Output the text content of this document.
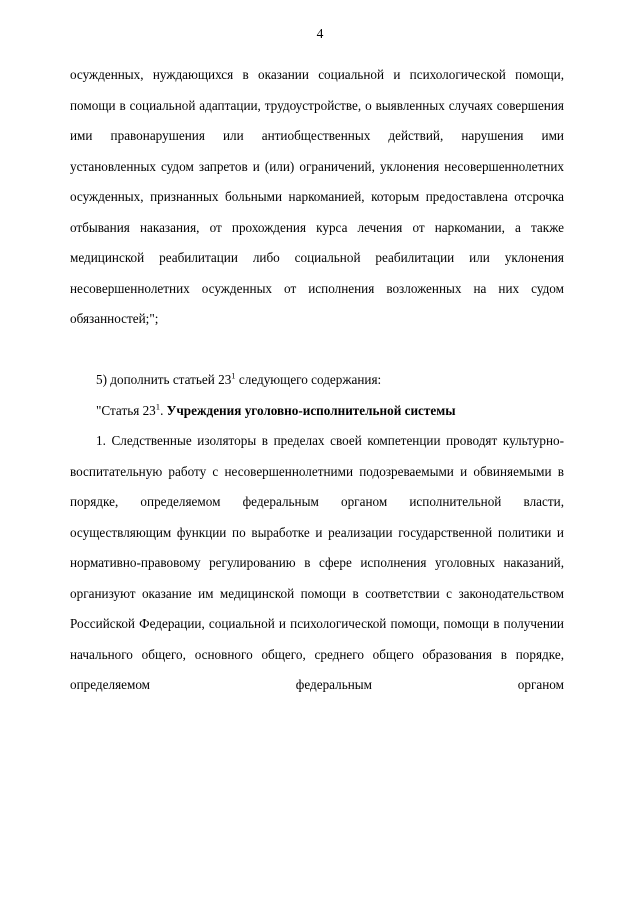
4

осужденных, нуждающихся в оказании социальной и психологической помощи, помощи в социальной адаптации, трудоустройстве, о выявленных случаях совершения ими правонарушения или антиобщественных действий, нарушения ими установленных судом запретов и (или) ограничений, уклонения несовершеннолетних осужденных, признанных больными наркоманией, которым предоставлена отсрочка отбывания наказания, от прохождения курса лечения от наркомании, а также медицинской реабилитации либо социальной реабилитации или уклонения несовершеннолетних осужденных от исполнения возложенных на них судом обязанностей;";

5) дополнить статьей $23^1$ следующего содержания:

"Статья $23^1$. Учреждения уголовно-исполнительной системы

1. Следственные изоляторы в пределах своей компетенции проводят культурно-воспитательную работу с несовершеннолетними подозреваемыми и обвиняемыми в порядке, определяемом федеральным органом исполнительной власти, осуществляющим функции по выработке и реализации государственной политики и нормативно-правовому регулированию в сфере исполнения уголовных наказаний, организуют оказание им медицинской помощи в соответствии с законодательством Российской Федерации, социальной и психологической помощи, помощи в получении начального общего, основного общего, среднего общего образования в порядке, определяемом федеральным органом
